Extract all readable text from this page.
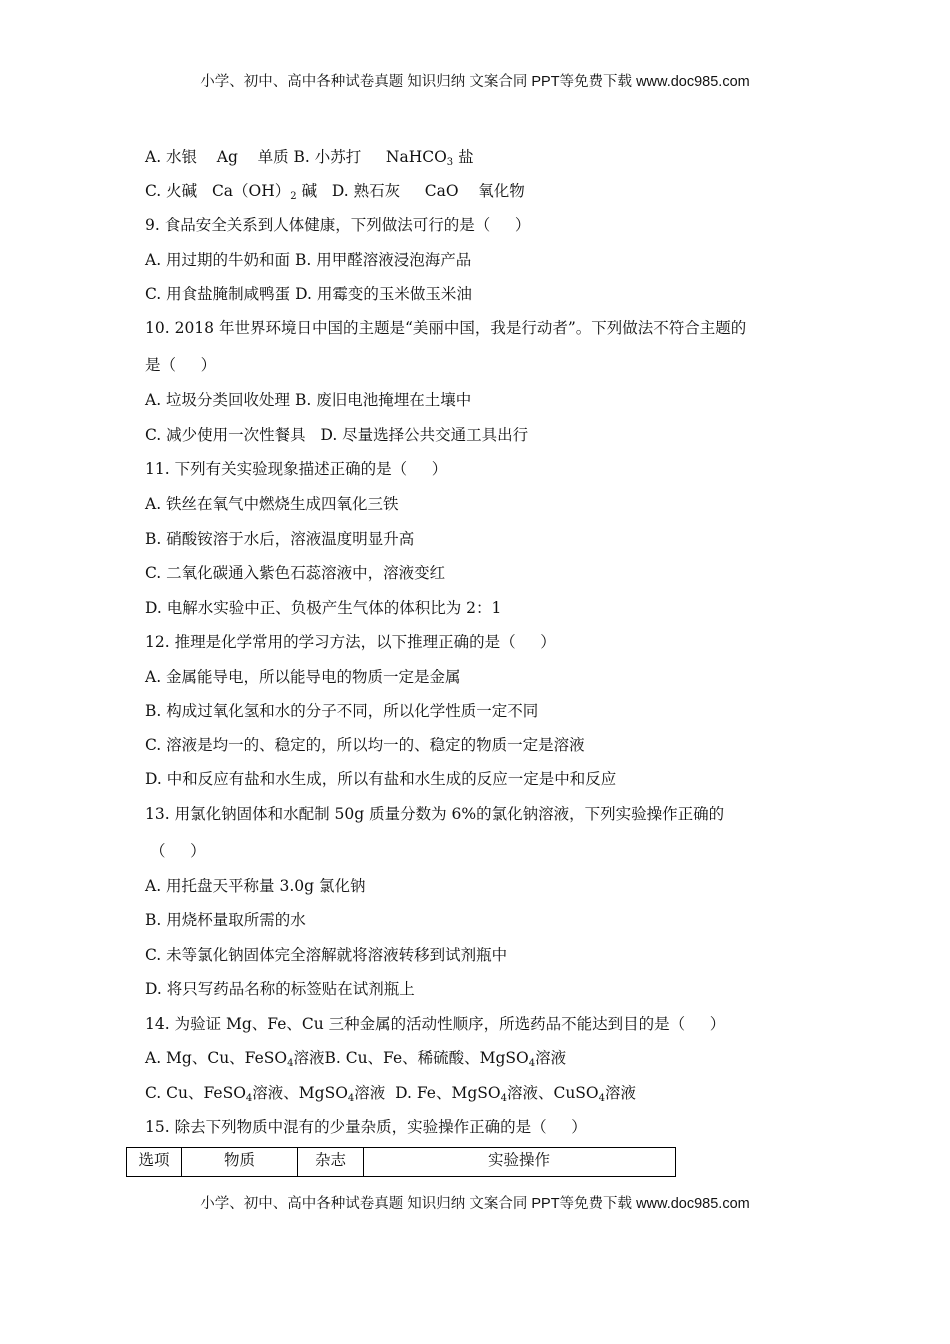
小学、初中、高中各种试卷真题 知识归纳 文案合同 PPT等免费下载 www.doc985.com
A. 水银    Ag    单质 B. 小苏打     NaHCO$_3$ 盐
C. 火碱   $Ca(OH)_2$ 碱   D. 熟石灰     CaO    氧化物
9. 食品安全关系到人体健康，下列做法可行的是（     ）
A. 用过期的牛奶和面 B. 用甲醛溶液浸泡海产品
C. 用食盐腌制咸鸭蛋 D. 用霉变的玉米做玉米油
10. 2018 年世界环境日中国的主题是“美丽中国，我是行动者”。下列做法不符合主题的
是（     ）
A. 垃圾分类回收处理 B. 废旧电池掩埋在土壤中
C. 减少使用一次性餐具   D. 尽量选择公共交通工具出行
11. 下列有关实验现象描述正确的是（     ）
A. 铁丝在氧气中燃烧生成四氧化三铁
B. 硝酸铵溶于水后，溶液温度明显升高
C. 二氧化碳通入紫色石蕊溶液中，溶液变红
D. 电解水实验中正、负极产生气体的体积比为 2：1
12. 推理是化学常用的学习方法，以下推理正确的是（     ）
A. 金属能导电，所以能导电的物质一定是金属
B. 构成过氧化氢和水的分子不同，所以化学性质一定不同
C. 溶液是均一的、稳定的，所以均一的、稳定的物质一定是溶液
D. 中和反应有盐和水生成，所以有盐和水生成的反应一定是中和反应
13. 用氯化钠固体和水配制 50g 质量分数为 6%的氯化钠溶液，下列实验操作正确的
（     ）
A. 用托盘天平称量 3.0g 氯化钠
B. 用烧杯量取所需的水
C. 未等氯化钠固体完全溶解就将溶液转移到试剂瓶中
D. 将只写药品名称的标签贴在试剂瓶上
14. 为验证 Mg、Fe、Cu 三种金属的活动性顺序，所选药品不能达到目的是（     ）
A. Mg、Cu、FeSO$_4$溶液B. Cu、Fe、稀硫酸、MgSO$_4$溶液
C. Cu、FeSO$_4$溶液、MgSO$_4$溶液  D. Fe、MgSO$_4$溶液、CuSO$_4$溶液
15. 除去下列物质中混有的少量杂质，实验操作正确的是（     ）
选项	物质	杂志	实验操作
小学、初中、高中各种试卷真题 知识归纳 文案合同 PPT等免费下载 www.doc985.com
